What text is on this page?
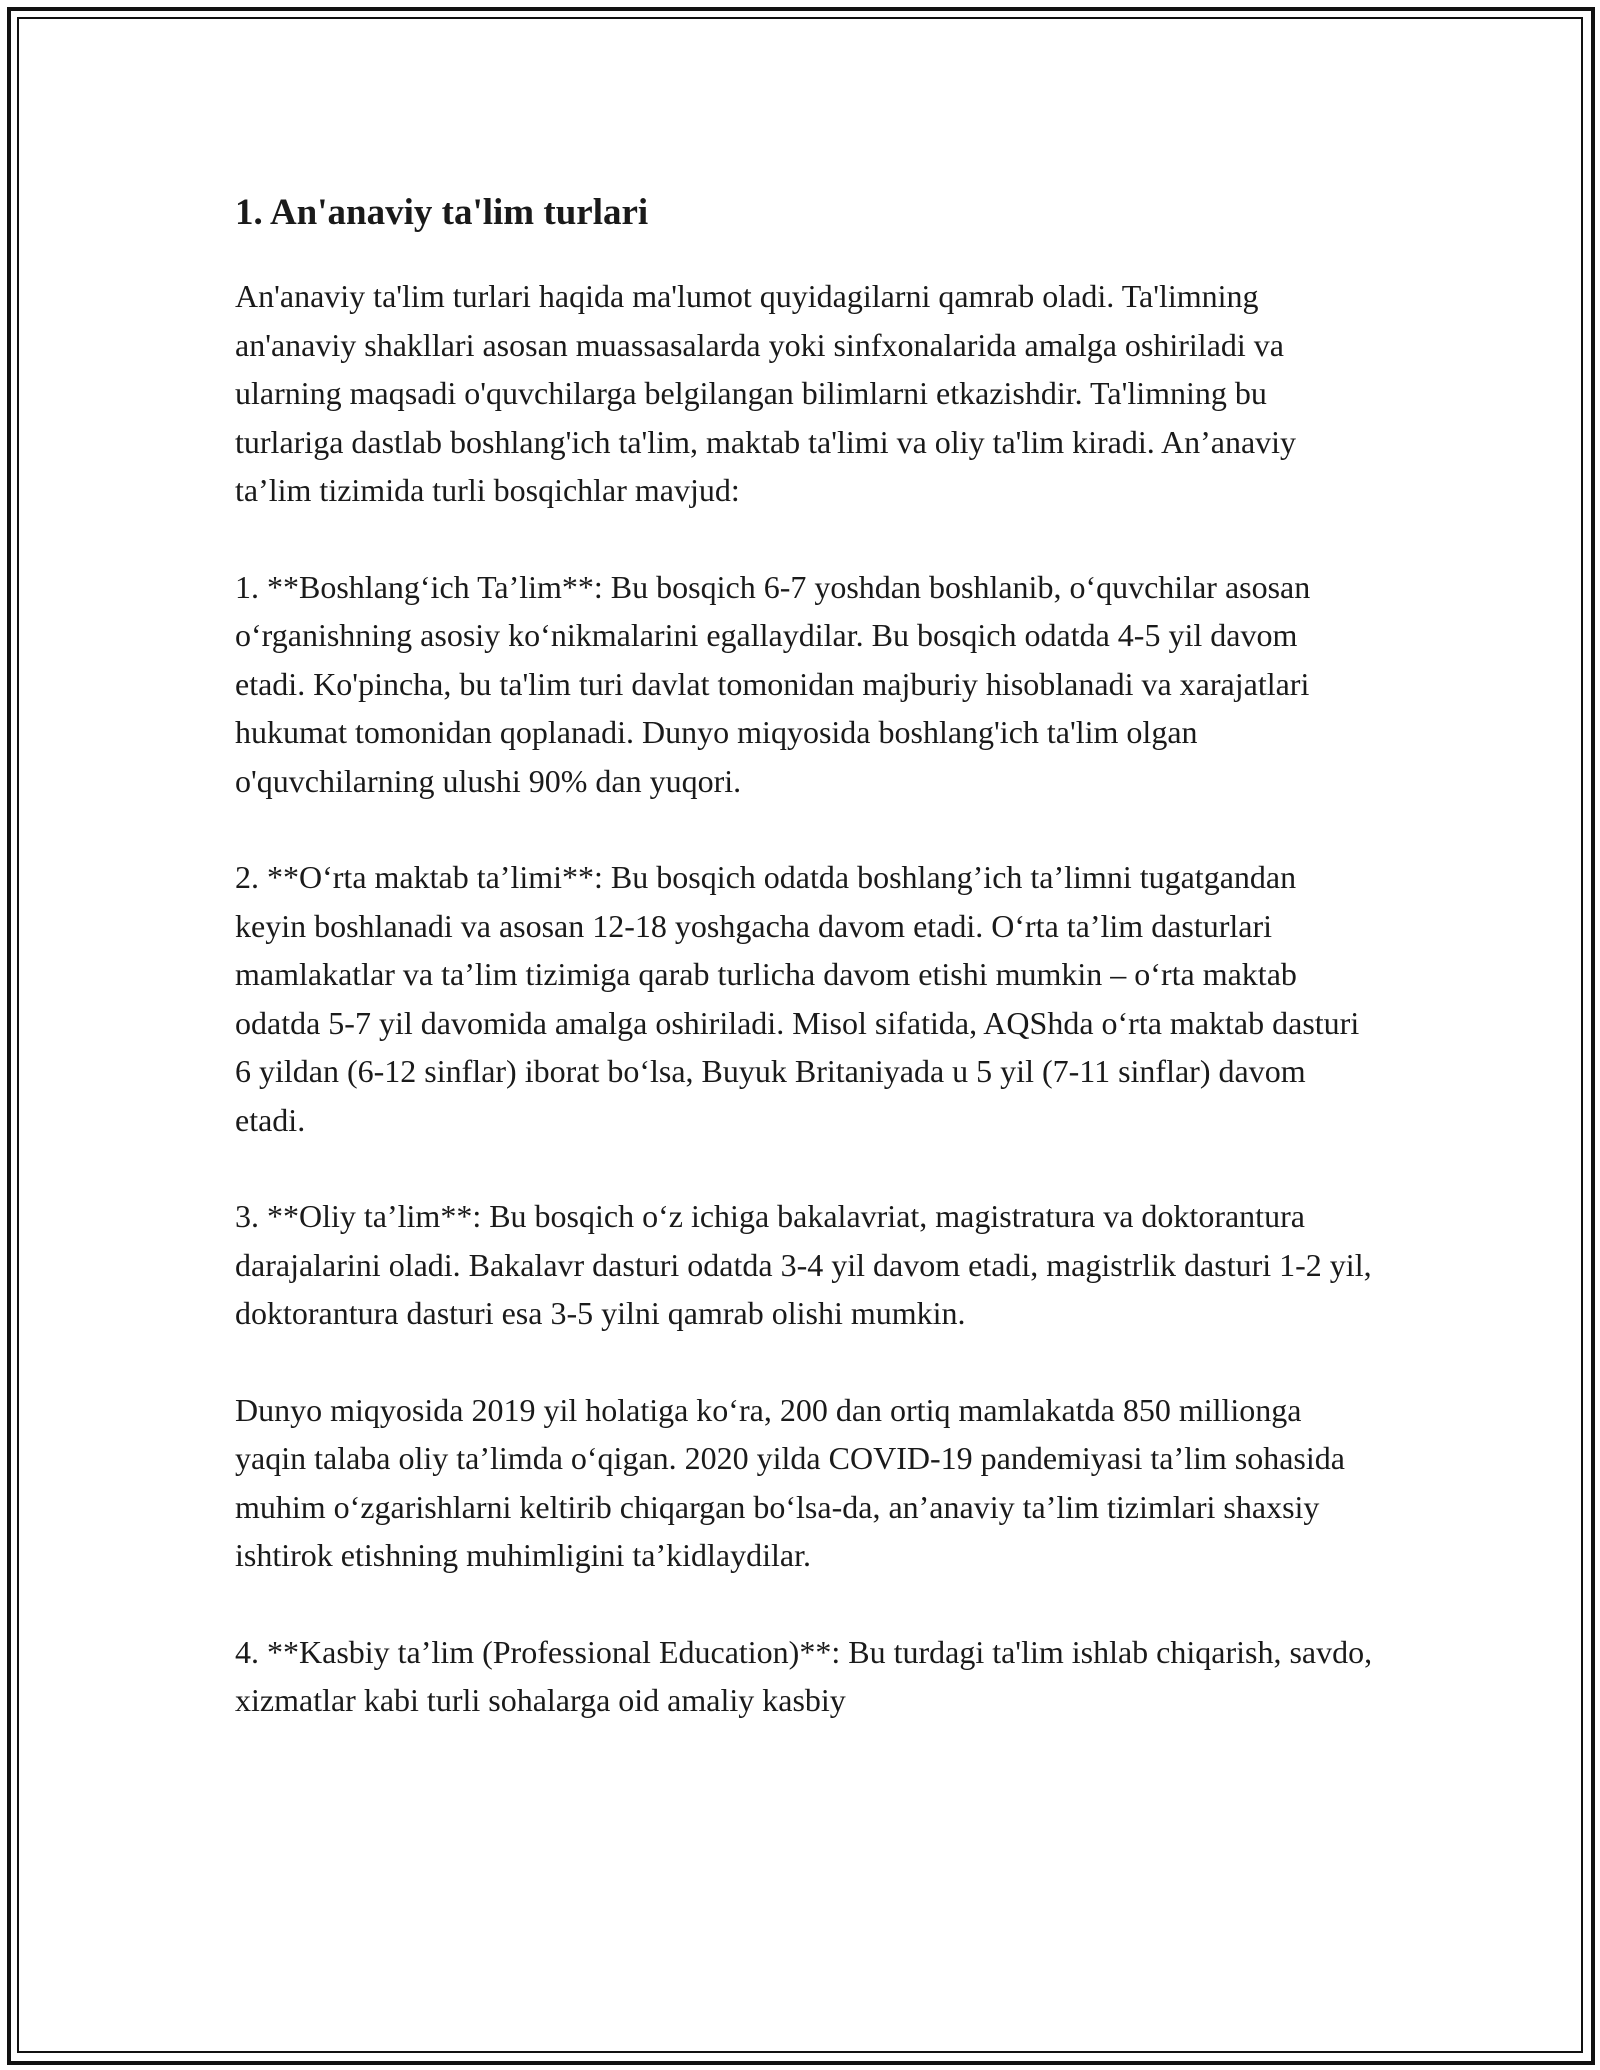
1. An'anaviy ta'lim turlari

An'anaviy ta'lim turlari haqida ma'lumot quyidagilarni qamrab oladi. Ta'limning an'anaviy shakllari asosan muassasalarda yoki sinfxonalarida amalga oshiriladi va ularning maqsadi o'quvchilarga belgilangan bilimlarni etkazishdir. Ta'limning bu turlariga dastlab boshlang'ich ta'lim, maktab ta'limi va oliy ta'lim kiradi. An’anaviy ta’lim tizimida turli bosqichlar mavjud:

1. **Boshlang‘ich Ta’lim**: Bu bosqich 6-7 yoshdan boshlanib, o‘quvchilar asosan o‘rganishning asosiy ko‘nikmalarini egallaydilar. Bu bosqich odatda 4-5 yil davom etadi. Ko'pincha, bu ta'lim turi davlat tomonidan majburiy hisoblanadi va xarajatlari hukumat tomonidan qoplanadi. Dunyo miqyosida boshlang'ich ta'lim olgan o'quvchilarning ulushi 90% dan yuqori.

2. **O‘rta maktab ta’limi**: Bu bosqich odatda boshlang’ich ta’limni tugatgandan keyin boshlanadi va asosan 12-18 yoshgacha davom etadi. O‘rta ta’lim dasturlari mamlakatlar va ta’lim tizimiga qarab turlicha davom etishi mumkin – o‘rta maktab odatda 5-7 yil davomida amalga oshiriladi. Misol sifatida, AQShda o‘rta maktab dasturi 6 yildan (6-12 sinflar) iborat bo‘lsa, Buyuk Britaniyada u 5 yil (7-11 sinflar) davom etadi.

3. **Oliy ta’lim**: Bu bosqich o‘z ichiga bakalavriat, magistratura va doktorantura darajalarini oladi. Bakalavr dasturi odatda 3-4 yil davom etadi, magistrlik dasturi 1-2 yil, doktorantura dasturi esa 3-5 yilni qamrab olishi mumkin.

Dunyo miqyosida 2019 yil holatiga ko‘ra, 200 dan ortiq mamlakatda 850 millionga yaqin talaba oliy ta’limda o‘qigan. 2020 yilda COVID-19 pandemiyasi ta’lim sohasida muhim o‘zgarishlarni keltirib chiqargan bo‘lsa-da, an’anaviy ta’lim tizimlari shaxsiy ishtirok etishning muhimligini ta’kidlaydilar.

4. **Kasbiy ta’lim (Professional Education)**: Bu turdagi ta'lim ishlab chiqarish, savdo, xizmatlar kabi turli sohalarga oid amaliy kasbiy
